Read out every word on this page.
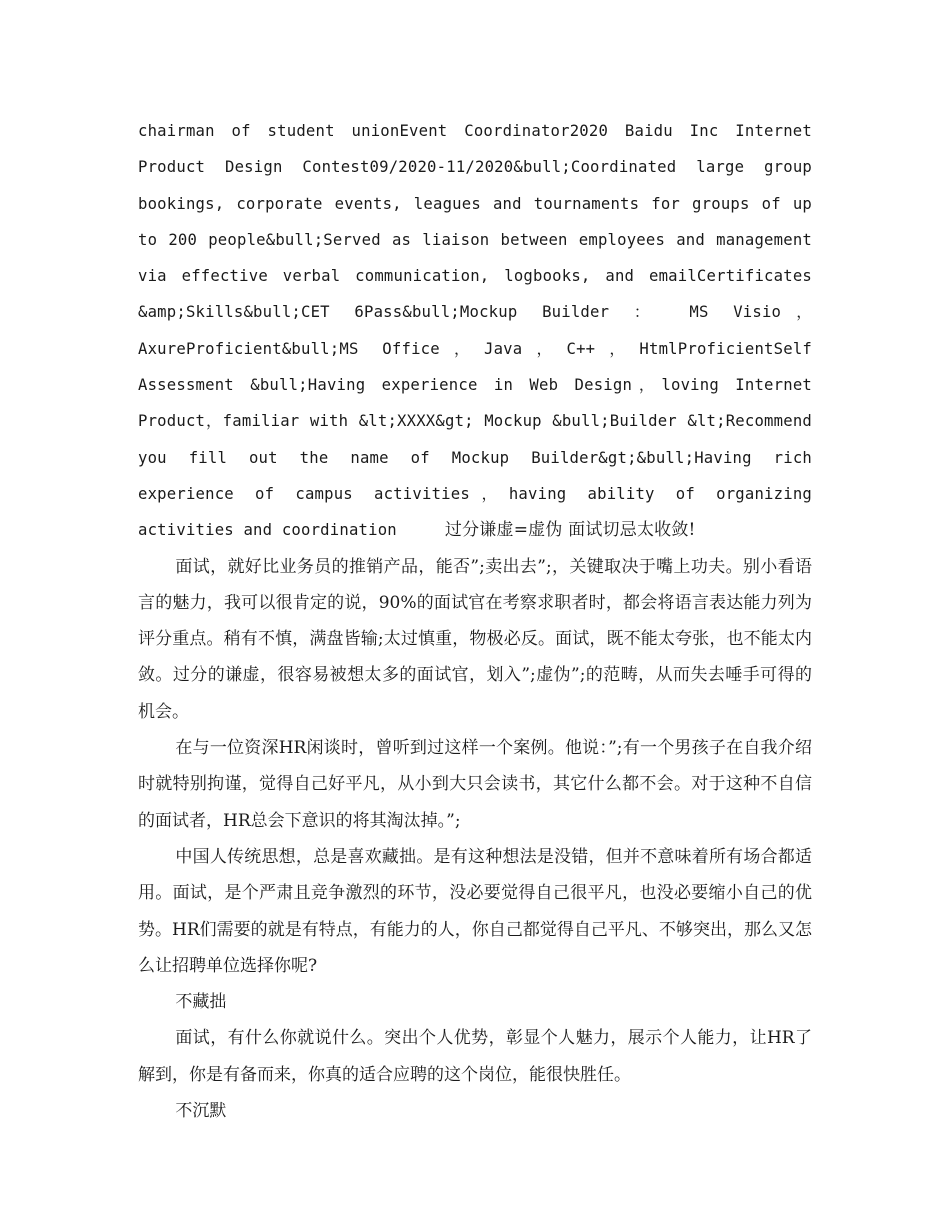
chairman of student unionEvent Coordinator2020 Baidu Inc Internet Product Design Contest09/2020-11/2020&bull;Coordinated large group bookings, corporate events, leagues and tournaments for groups of up to 200 people&bull;Served as liaison between employees and management via effective verbal communication, logbooks, and emailCertificates &amp;Skills&bull;CET 6Pass&bull;Mockup Builder ： MS Visio，AxureProficient&bull;MS Office，Java，C++，HtmlProficientSelf Assessment &bull;Having experience in Web Design，loving Internet Product，familiar with &lt;XXXX&gt; Mockup &bull;Builder &lt;Recommend you fill out the name of Mockup Builder&gt;&bull;Having rich experience of campus activities，having ability of organizing activities and coordination	过分谦虚=虚伪 面试切忌太收敛!

面试，就好比业务员的推销产品，能否”;卖出去”;，关键取决于嘴上功夫。别小看语言的魅力，我可以很肯定的说，90%的面试官在考察求职者时，都会将语言表达能力列为评分重点。稍有不慎，满盘皆输;太过慎重，物极必反。面试，既不能太夸张，也不能太内敛。过分的谦虚，很容易被想太多的面试官，划入”;虚伪”;的范畴，从而失去唾手可得的机会。

在与一位资深HR闲谈时，曾听到过这样一个案例。他说：”;有一个男孩子在自我介绍时就特别拘谨，觉得自己好平凡，从小到大只会读书，其它什么都不会。对于这种不自信的面试者，HR总会下意识的将其淘汰掉。”;

中国人传统思想，总是喜欢藏拙。是有这种想法是没错，但并不意味着所有场合都适用。面试，是个严肃且竞争激烈的环节，没必要觉得自己很平凡，也没必要缩小自己的优势。HR们需要的就是有特点，有能力的人，你自己都觉得自己平凡、不够突出，那么又怎么让招聘单位选择你呢?

不藏拙

面试，有什么你就说什么。突出个人优势，彰显个人魅力，展示个人能力，让HR了解到，你是有备而来，你真的适合应聘的这个岗位，能很快胜任。

不沉默
